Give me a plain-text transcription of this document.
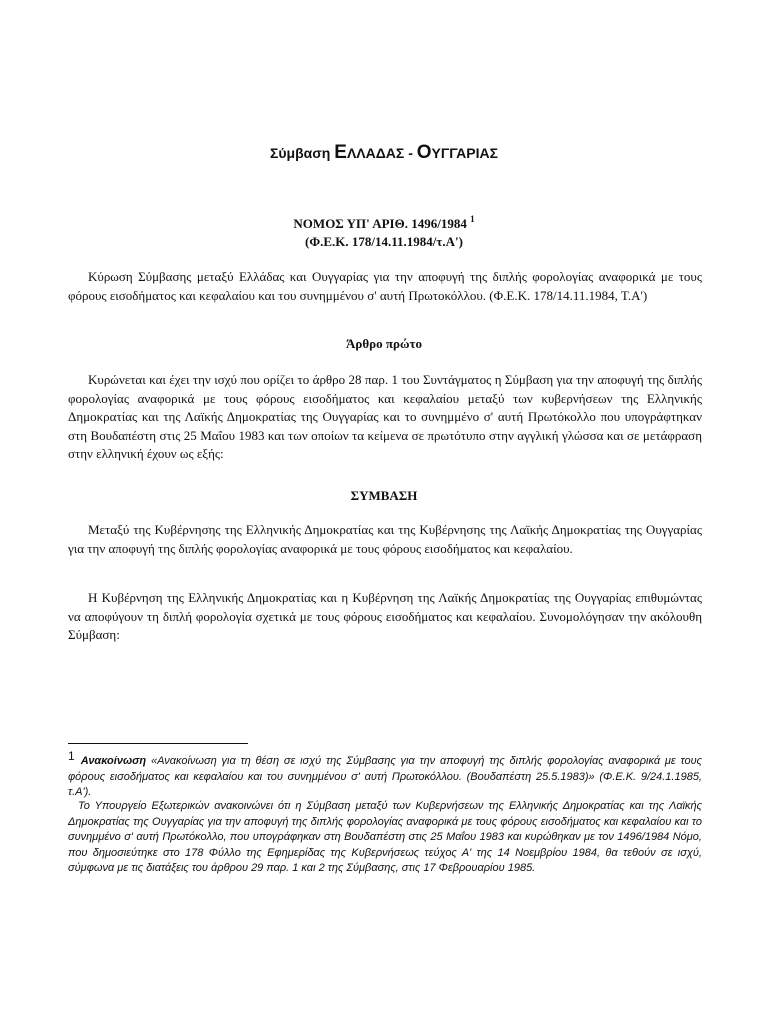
Σύμβαση ΕΛΛΑΔΑΣ - ΟΥΓΓΑΡΙΑΣ
ΝΟΜΟΣ ΥΠ' ΑΡΙΘ. 1496/1984 $^1$
(Φ.Ε.Κ. 178/14.11.1984/τ.Α')
Κύρωση Σύμβασης μεταξύ Ελλάδας και Ουγγαρίας για την αποφυγή της διπλής φορολογίας αναφορικά με τους φόρους εισοδήματος και κεφαλαίου και του συνημμένου σ' αυτή Πρωτοκόλλου. (Φ.Ε.Κ. 178/14.11.1984, Τ.Α')
Άρθρο πρώτο
Κυρώνεται και έχει την ισχύ που ορίζει το άρθρο 28 παρ. 1 του Συντάγματος η Σύμβαση για την αποφυγή της διπλής φορολογίας αναφορικά με τους φόρους εισοδήματος και κεφαλαίου μεταξύ των κυβερνήσεων της Ελληνικής Δημοκρατίας και της Λαϊκής Δημοκρατίας της Ουγγαρίας και το συνημμένο σ' αυτή Πρωτόκολλο που υπογράφτηκαν στη Βουδαπέστη στις 25 Μαΐου 1983 και των οποίων τα κείμενα σε πρωτότυπο στην αγγλική γλώσσα και σε μετάφραση στην ελληνική έχουν ως εξής:
ΣΥΜΒΑΣΗ
Μεταξύ της Κυβέρνησης της Ελληνικής Δημοκρατίας και της Κυβέρνησης της Λαϊκής Δημοκρατίας της Ουγγαρίας για την αποφυγή της διπλής φορολογίας αναφορικά με τους φόρους εισοδήματος και κεφαλαίου.
Η Κυβέρνηση της Ελληνικής Δημοκρατίας και η Κυβέρνηση της Λαϊκής Δημοκρατίας της Ουγγαρίας επιθυμώντας να αποφύγουν τη διπλή φορολογία σχετικά με τους φόρους εισοδήματος και κεφαλαίου. Συνομολόγησαν την ακόλουθη Σύμβαση:
1 Ανακοίνωση «Ανακοίνωση για τη θέση σε ισχύ της Σύμβασης για την αποφυγή της διπλής φορολογίας αναφορικά με τους φόρους εισοδήματος και κεφαλαίου και του συνημμένου σ' αυτή Πρωτοκόλλου. (Βουδαπέστη 25.5.1983)» (Φ.Ε.Κ. 9/24.1.1985, τ.Α').
Το Υπουργείο Εξωτερικών ανακοινώνει ότι η Σύμβαση μεταξύ των Κυβερνήσεων της Ελληνικής Δημοκρατίας και της Λαϊκής Δημοκρατίας της Ουγγαρίας για την αποφυγή της διπλής φορολογίας αναφορικά με τους φόρους εισοδήματος και κεφαλαίου και το συνημμένο σ' αυτή Πρωτόκολλο, που υπογράφηκαν στη Βουδαπέστη στις 25 Μαΐου 1983 και κυρώθηκαν με τον 1496/1984 Νόμο, που δημοσιεύτηκε στο 178 Φύλλο της Εφημερίδας της Κυβερνήσεως τεύχος Α' της 14 Νοεμβρίου 1984, θα τεθούν σε ισχύ, σύμφωνα με τις διατάξεις του άρθρου 29 παρ. 1 και 2 της Σύμβασης, στις 17 Φεβρουαρίου 1985.
